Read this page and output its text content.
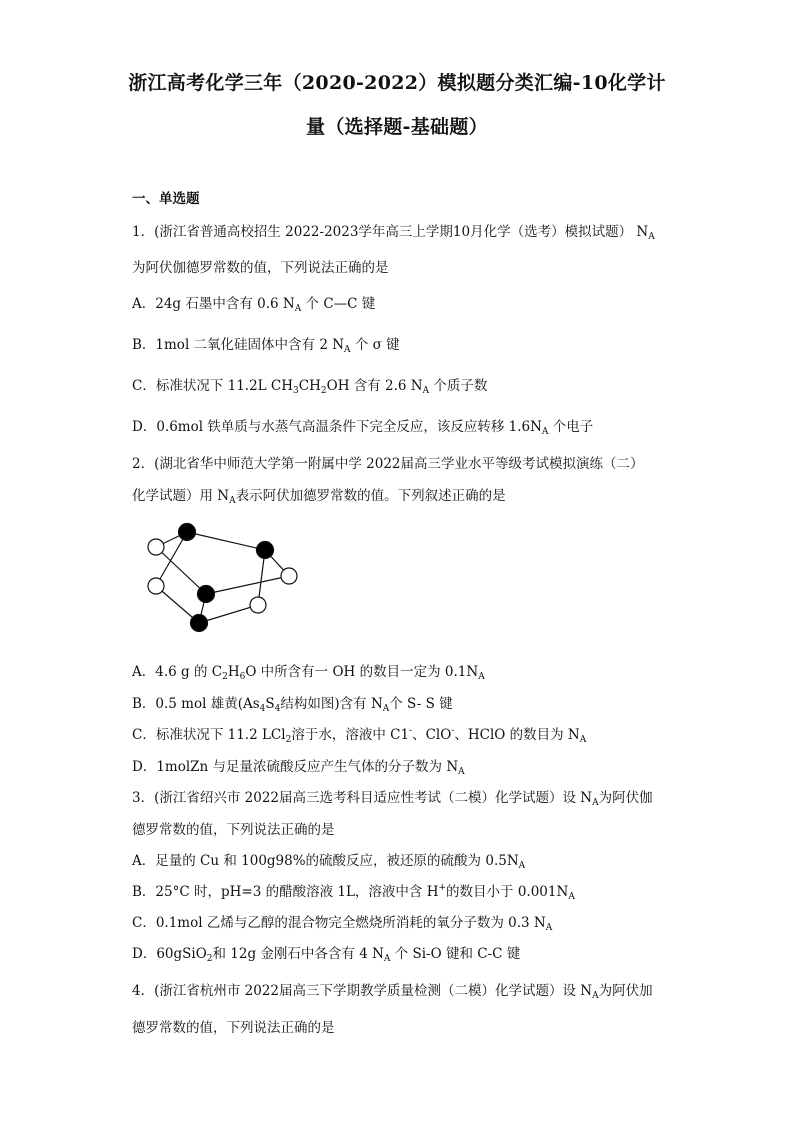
浙江高考化学三年（2020-2022）模拟题分类汇编-10化学计
量（选择题-基础题）
一、单选题
1．(浙江省普通高校招生 2022-2023学年高三上学期10月化学（选考）模拟试题） $N_A$
为阿伏伽德罗常数的值，下列说法正确的是
A．24g 石墨中含有 0.6 $N_A$ 个 C—C 键
B．1mol 二氧化硅固体中含有 2 $N_A$ 个 σ 键
C．标准状况下 11.2L $CH_3CH_2OH$ 含有 2.6 $N_A$ 个质子数
D．0.6mol 铁单质与水蒸气高温条件下完全反应，该反应转移 $1.6N_A$ 个电子
2．(湖北省华中师范大学第一附属中学 2022届高三学业水平等级考试模拟演练（二）
化学试题）用 $N_A$表示阿伏加德罗常数的值。下列叙述正确的是
A．4.6 g 的 $C_2H_6O$ 中所含有一 OH 的数目一定为 $0.1N_A$
B．0.5 mol 雄黄($As_4S_4$结构如图)含有 $N_A$个 S- S 键
C．标准状况下 11.2 LCl$_2$溶于水，溶液中 C1-、ClO-、HClO 的数目为 $N_A$
D．1molZn 与足量浓硫酸反应产生气体的分子数为 $N_A$
3．(浙江省绍兴市 2022届高三选考科目适应性考试（二模）化学试题）设 $N_A$为阿伏伽
德罗常数的值，下列说法正确的是
A．足量的 Cu 和 100g98%的硫酸反应，被还原的硫酸为 $0.5N_A$
B．25°C 时，pH=3 的醋酸溶液 1L，溶液中含 H+的数目小于 $0.001N_A$
C．0.1mol 乙烯与乙醇的混合物完全燃烧所消耗的氧分子数为 0.3 $N_A$
D．60gSiO$_2$和 12g 金刚石中各含有 4 $N_A$ 个 Si-O 键和 C-C 键
4．(浙江省杭州市 2022届高三下学期教学质量检测（二模）化学试题）设 $N_A$为阿伏加
德罗常数的值，下列说法正确的是
